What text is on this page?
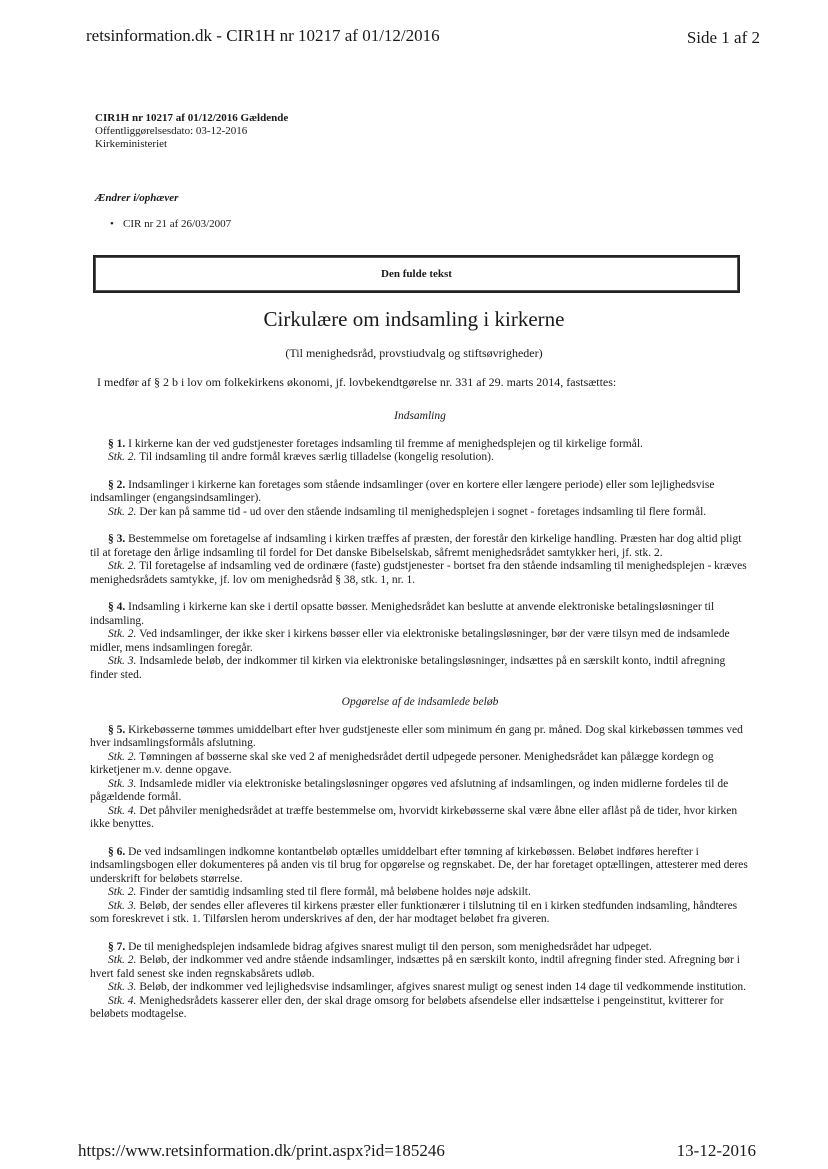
retsinformation.dk - CIR1H nr 10217 af 01/12/2016	Side 1 af 2
CIR1H nr 10217 af 01/12/2016 Gældende
Offentliggørelsesdato: 03-12-2016
Kirkeministeriet
Ændrer i/ophæver
• CIR nr 21 af 26/03/2007
Den fulde tekst
Cirkulære om indsamling i kirkerne
(Til menighedsråd, provstiudvalg og stiftsøvrigheder)
I medfør af § 2 b i lov om folkekirkens økonomi, jf. lovbekendtgørelse nr. 331 af 29. marts 2014, fastsættes:
Indsamling

§ 1. I kirkerne kan der ved gudstjenester foretages indsamling til fremme af menighedsplejen og til kirkelige formål.

Stk. 2. Til indsamling til andre formål kræves særlig tilladelse (kongelig resolution).

§ 2. Indsamlinger i kirkerne kan foretages som stående indsamlinger (over en kortere eller længere periode) eller som lejlighedsvise indsamlinger (engangsindsamlinger).

Stk. 2. Der kan på samme tid - ud over den stående indsamling til menighedsplejen i sognet - foretages indsamling til flere formål.

§ 3. Bestemmelse om foretagelse af indsamling i kirken træffes af præsten, der forestår den kirkelige handling. Præsten har dog altid pligt til at foretage den årlige indsamling til fordel for Det danske Bibelselskab, såfremt menighedsrådet samtykker heri, jf. stk. 2.

Stk. 2. Til foretagelse af indsamling ved de ordinære (faste) gudstjenester - bortset fra den stående indsamling til menighedsplejen - kræves menighedsrådets samtykke, jf. lov om menighedsråd § 38, stk. 1, nr. 1.

§ 4. Indsamling i kirkerne kan ske i dertil opsatte bøsser. Menighedsrådet kan beslutte at anvende elektroniske betalingsløsninger til indsamling.

Stk. 2. Ved indsamlinger, der ikke sker i kirkens bøsser eller via elektroniske betalingsløsninger, bør der være tilsyn med de indsamlede midler, mens indsamlingen foregår.

Stk. 3. Indsamlede beløb, der indkommer til kirken via elektroniske betalingsløsninger, indsættes på en særskilt konto, indtil afregning finder sted.

Opgørelse af de indsamlede beløb

§ 5. Kirkebøsserne tømmes umiddelbart efter hver gudstjeneste eller som minimum én gang pr. måned. Dog skal kirkebøssen tømmes ved hver indsamlingsformåls afslutning.

Stk. 2. Tømningen af bøsserne skal ske ved 2 af menighedsrådet dertil udpegede personer. Menighedsrådet kan pålægge kordegn og kirketjener m.v. denne opgave.

Stk. 3. Indsamlede midler via elektroniske betalingsløsninger opgøres ved afslutning af indsamlingen, og inden midlerne fordeles til de pågældende formål.

Stk. 4. Det påhviler menighedsrådet at træffe bestemmelse om, hvorvidt kirkebøsserne skal være åbne eller aflåst på de tider, hvor kirken ikke benyttes.

§ 6. De ved indsamlingen indkomne kontantbeløb optælles umiddelbart efter tømning af kirkebøssen. Beløbet indføres herefter i indsamlingsbogen eller dokumenteres på anden vis til brug for opgørelse og regnskabet. De, der har foretaget optællingen, attesterer med deres underskrift for beløbets størrelse.

Stk. 2. Finder der samtidig indsamling sted til flere formål, må beløbene holdes nøje adskilt.

Stk. 3. Beløb, der sendes eller afleveres til kirkens præster eller funktionærer i tilslutning til en i kirken stedfunden indsamling, håndteres som foreskrevet i stk. 1. Tilførslen herom underskrives af den, der har modtaget beløbet fra giveren.

§ 7. De til menighedsplejen indsamlede bidrag afgives snarest muligt til den person, som menighedsrådet har udpeget.

Stk. 2. Beløb, der indkommer ved andre stående indsamlinger, indsættes på en særskilt konto, indtil afregning finder sted. Afregning bør i hvert fald senest ske inden regnskabsårets udløb.

Stk. 3. Beløb, der indkommer ved lejlighedsvise indsamlinger, afgives snarest muligt og senest inden 14 dage til vedkommende institution.

Stk. 4. Menighedsrådets kasserer eller den, der skal drage omsorg for beløbets afsendelse eller indsættelse i pengeinstitut, kvitterer for beløbets modtagelse.

https://www.retsinformation.dk/print.aspx?id=185246	13-12-2016
